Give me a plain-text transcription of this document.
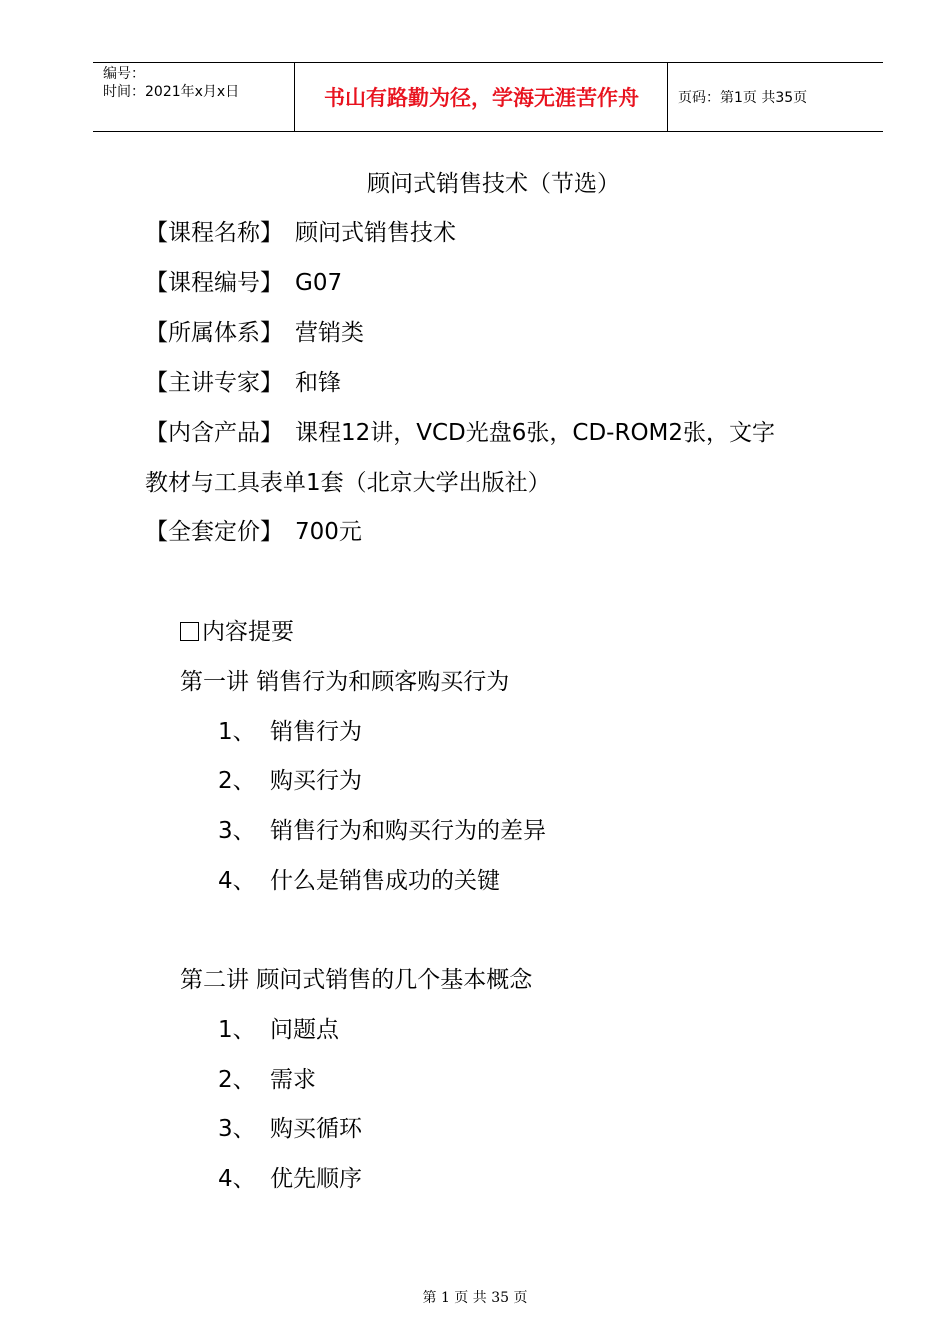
编号：
时间：2021年x月x日	书山有路勤为径，学海无涯苦作舟	页码：第1页 共35页
顾问式销售技术（节选）
【课程名称】 顾问式销售技术
【课程编号】 G07
【所属体系】 营销类
【主讲专家】 和锋
【内含产品】 课程12讲，VCD光盘6张，CD-ROM2张，文字
教材与工具表单1套（北京大学出版社）
【全套定价】 700元
内容提要
第一讲 销售行为和顾客购买行为
1、 销售行为
2、 购买行为
3、 销售行为和购买行为的差异
4、 什么是销售成功的关键
第二讲 顾问式销售的几个基本概念
1、 问题点
2、 需求
3、 购买循环
4、 优先顺序
第 1 页 共 35 页
